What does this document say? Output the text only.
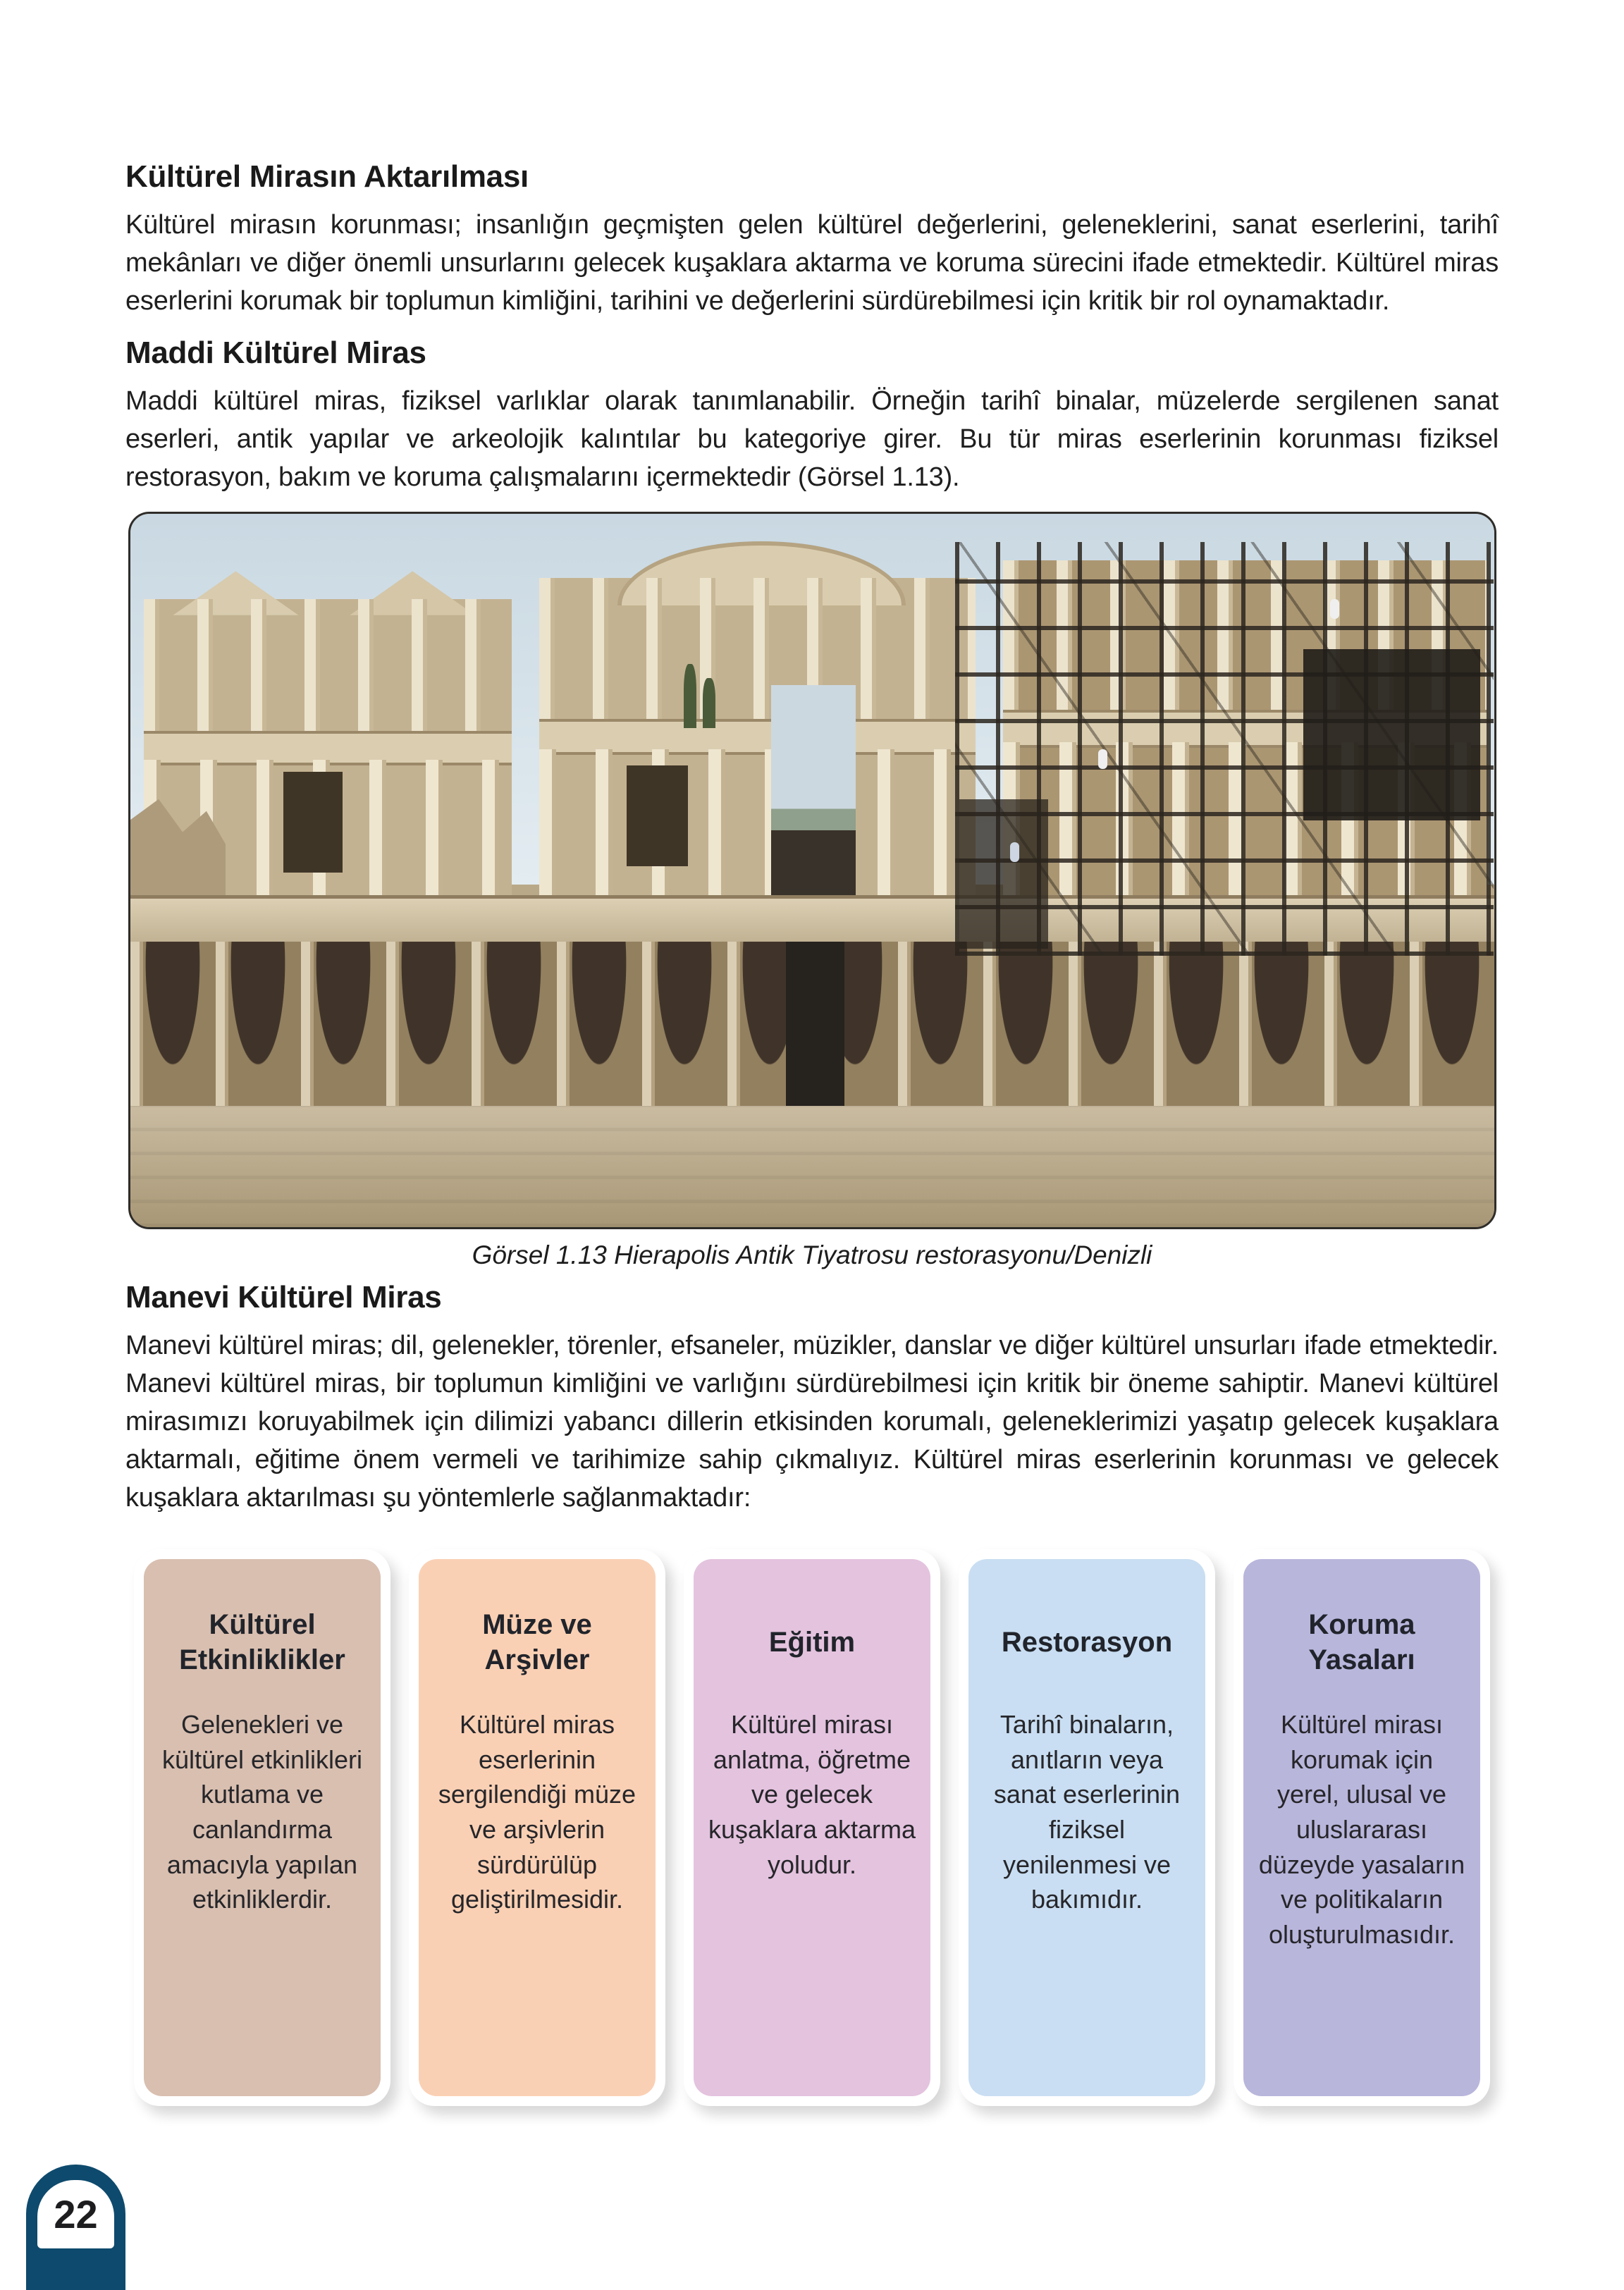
Kültürel Mirasın Aktarılması

Kültürel mirasın korunması; insanlığın geçmişten gelen kültürel değerlerini, geleneklerini, sanat eserlerini, tarihî mekânları ve diğer önemli unsurlarını gelecek kuşaklara aktarma ve koruma sürecini ifade etmektedir. Kültürel miras eserlerini korumak bir toplumun kimliğini, tarihini ve değerlerini sürdürebilmesi için kritik bir rol oynamaktadır.

Maddi Kültürel Miras

Maddi kültürel miras, fiziksel varlıklar olarak tanımlanabilir. Örneğin tarihî binalar, müzelerde sergilenen sanat eserleri, antik yapılar ve arkeolojik kalıntılar bu kategoriye girer. Bu tür miras eserlerinin korunması fiziksel restorasyon, bakım ve koruma çalışmalarını içermektedir (Görsel 1.13).

Görsel 1.13 Hierapolis Antik Tiyatrosu restorasyonu/Denizli
Manevi Kültürel Miras

Manevi kültürel miras; dil, gelenekler, törenler, efsaneler, müzikler, danslar ve diğer kültürel unsurları ifade etmektedir. Manevi kültürel miras, bir toplumun kimliğini ve varlığını sürdürebilmesi için kritik bir öneme sahiptir. Manevi kültürel mirasımızı koruyabilmek için dilimizi yabancı dillerin etkisinden korumalı, geleneklerimizi yaşatıp gelecek kuşaklara aktarmalı, eğitime önem vermeli ve tarihimize sahip çıkmalıyız. Kültürel miras eserlerinin korunması ve gelecek kuşaklara aktarılması şu yöntemlerle sağlanmaktadır:

Kültürel Etkinliklikler
Gelenekleri ve kültürel etkinlikleri kutlama ve canlandırma amacıyla yapılan etkinliklerdir.
Müze ve Arşivler
Kültürel miras eserlerinin sergilendiği müze ve arşivlerin sürdürülüp geliştirilmesidir.
Eğitim
Kültürel mirası anlatma, öğretme ve gelecek kuşaklara aktarma yoludur.
Restorasyon
Tarihî binaların, anıtların veya sanat eserlerinin fiziksel yenilenmesi ve bakımıdır.
Koruma Yasaları
Kültürel mirası korumak için yerel, ulusal ve uluslararası düzeyde yasaların ve politikaların oluşturulmasıdır.
22
